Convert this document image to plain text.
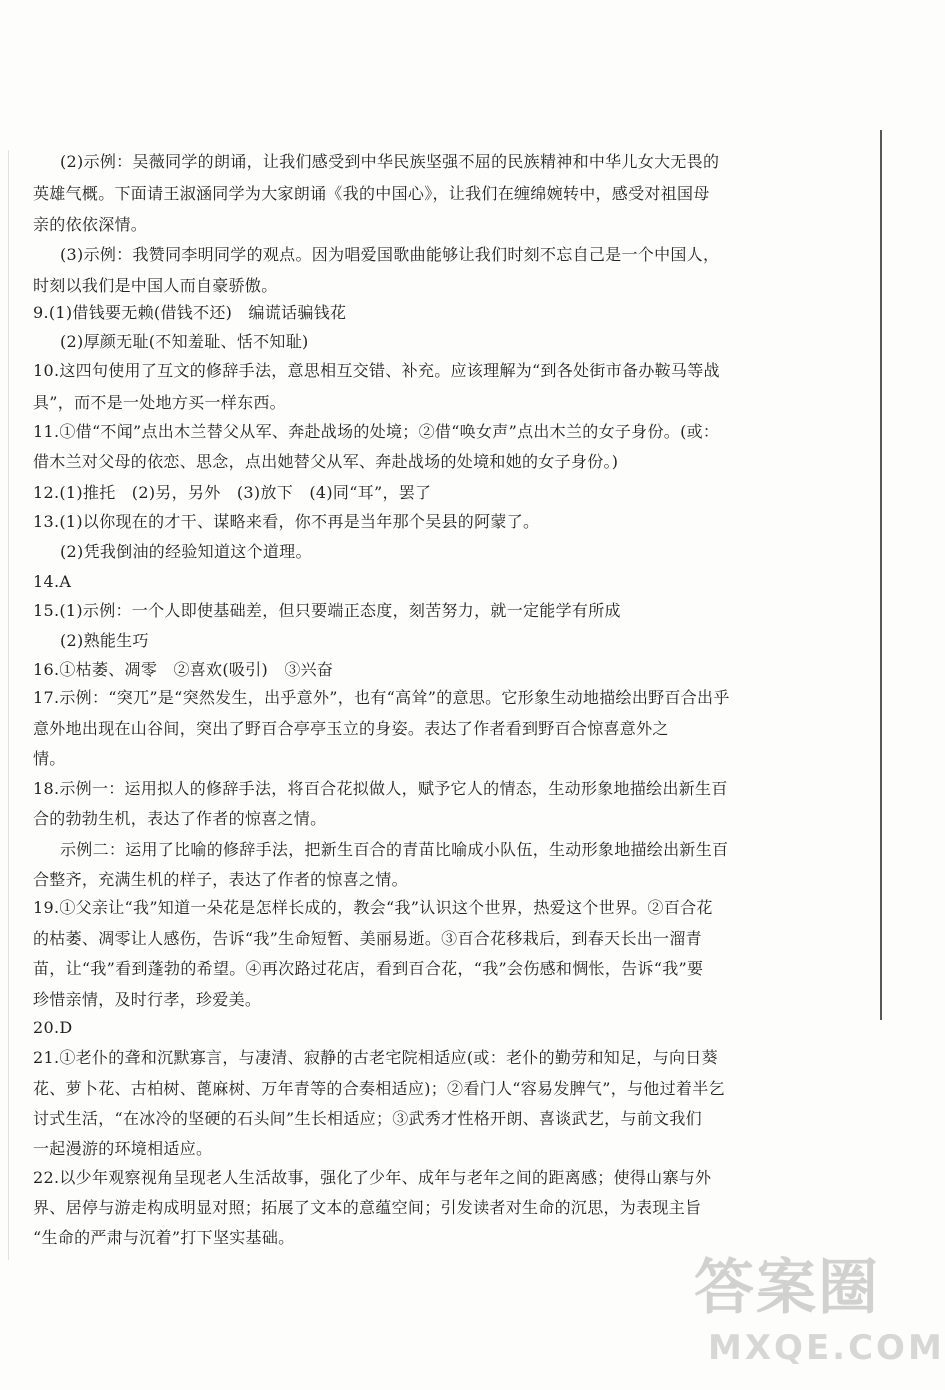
(2)示例：吴薇同学的朗诵，让我们感受到中华民族坚强不屈的民族精神和中华儿女大无畏的
英雄气概。下面请王淑涵同学为大家朗诵《我的中国心》，让我们在缠绵婉转中，感受对祖国母
亲的依依深情。
(3)示例：我赞同李明同学的观点。因为唱爱国歌曲能够让我们时刻不忘自己是一个中国人，
时刻以我们是中国人而自豪骄傲。
9.(1)借钱要无赖(借钱不还)　编谎话骗钱花
(2)厚颜无耻(不知羞耻、恬不知耻)
10.这四句使用了互文的修辞手法，意思相互交错、补充。应该理解为“到各处街市备办鞍马等战
具”，而不是一处地方买一样东西。
11.①借“不闻”点出木兰替父从军、奔赴战场的处境；②借“唤女声”点出木兰的女子身份。(或：
借木兰对父母的依恋、思念，点出她替父从军、奔赴战场的处境和她的女子身份。)
12.(1)推托　(2)另，另外　(3)放下　(4)同“耳”，罢了
13.(1)以你现在的才干、谋略来看，你不再是当年那个吴县的阿蒙了。
(2)凭我倒油的经验知道这个道理。
14.A
15.(1)示例：一个人即使基础差，但只要端正态度，刻苦努力，就一定能学有所成
(2)熟能生巧
16.①枯萎、凋零　②喜欢(吸引)　③兴奋
17.示例：“突兀”是“突然发生，出乎意外”，也有“高耸”的意思。它形象生动地描绘出野百合出乎
意外地出现在山谷间，突出了野百合亭亭玉立的身姿。表达了作者看到野百合惊喜意外之
情。
18.示例一：运用拟人的修辞手法，将百合花拟做人，赋予它人的情态，生动形象地描绘出新生百
合的勃勃生机，表达了作者的惊喜之情。
示例二：运用了比喻的修辞手法，把新生百合的青苗比喻成小队伍，生动形象地描绘出新生百
合整齐，充满生机的样子，表达了作者的惊喜之情。
19.①父亲让“我”知道一朵花是怎样长成的，教会“我”认识这个世界，热爱这个世界。②百合花
的枯萎、凋零让人感伤，告诉“我”生命短暂、美丽易逝。③百合花移栽后，到春天长出一溜青
苗，让“我”看到蓬勃的希望。④再次路过花店，看到百合花，“我”会伤感和惆怅，告诉“我”要
珍惜亲情，及时行孝，珍爱美。
20.D
21.①老仆的聋和沉默寡言，与凄清、寂静的古老宅院相适应(或：老仆的勤劳和知足，与向日葵
花、萝卜花、古柏树、蓖麻树、万年青等的合奏相适应)；②看门人“容易发脾气”，与他过着半乞
讨式生活，“在冰冷的坚硬的石头间”生长相适应；③武秀才性格开朗、喜谈武艺，与前文我们
一起漫游的环境相适应。
22.以少年观察视角呈现老人生活故事，强化了少年、成年与老年之间的距离感；使得山寨与外
界、居停与游走构成明显对照；拓展了文本的意蕴空间；引发读者对生命的沉思，为表现主旨
“生命的严肃与沉着”打下坚实基础。
答案圈
MXQE.COM
